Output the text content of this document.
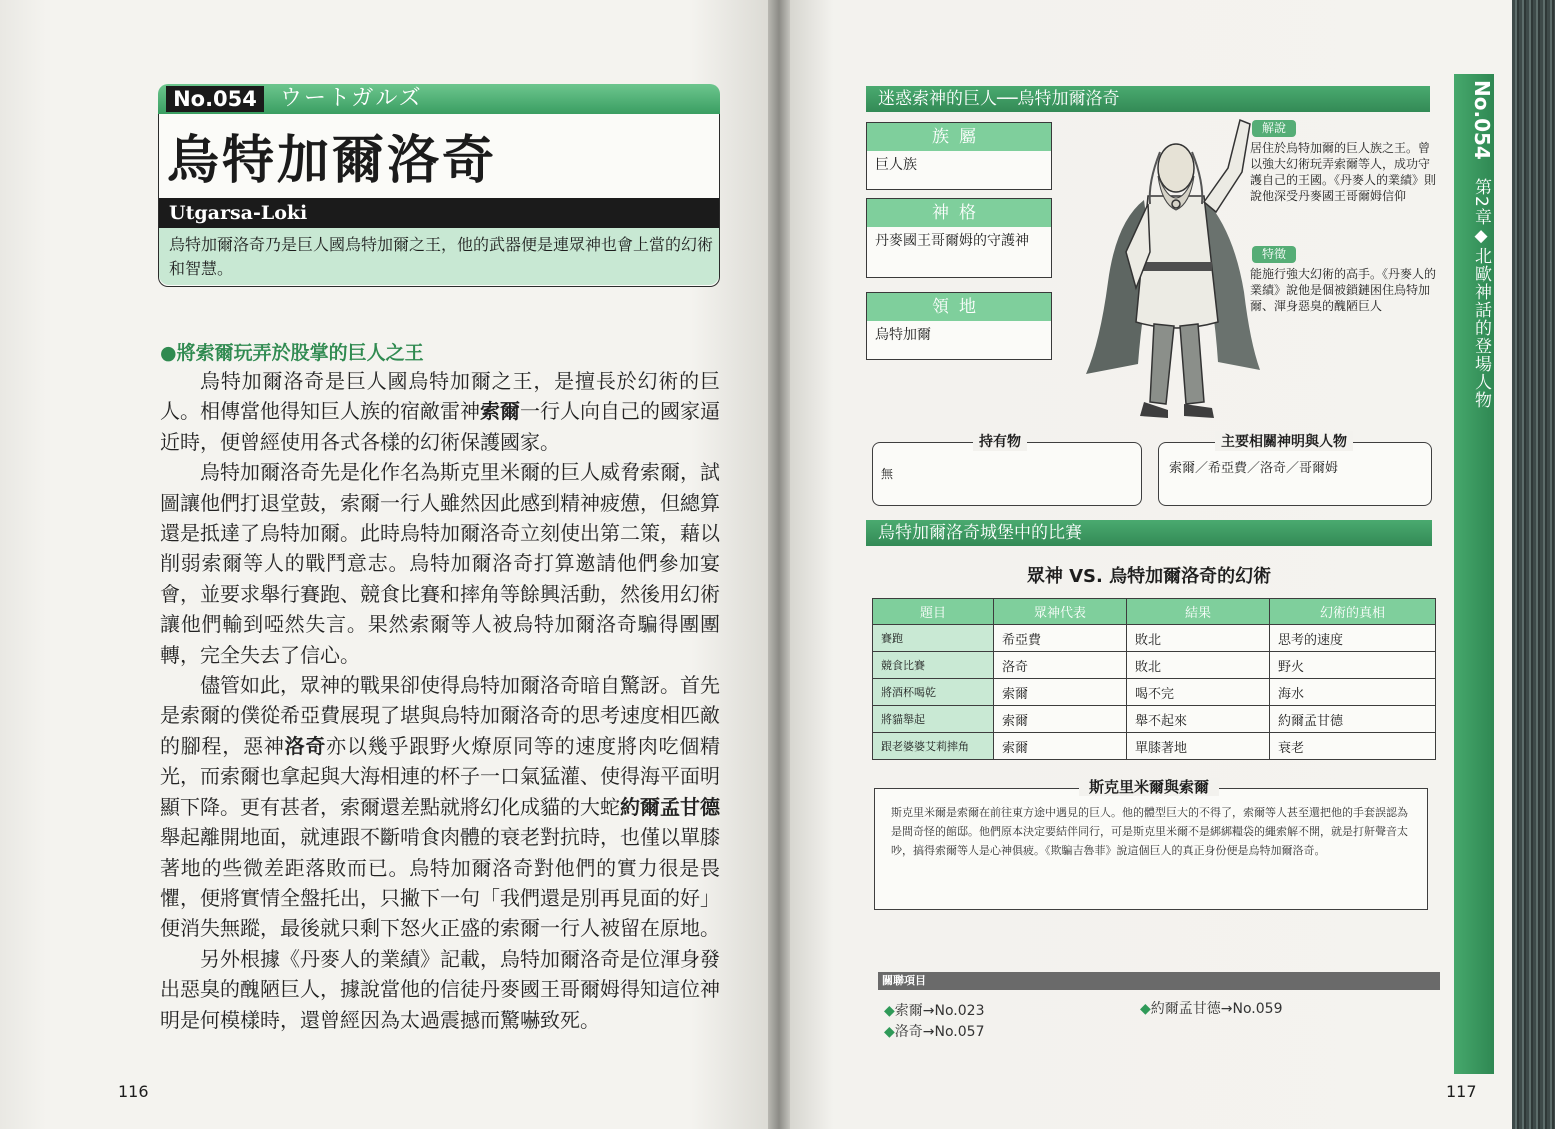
No.054	ウートガルズ
烏特加爾洛奇
Utgarsa-Loki
烏特加爾洛奇乃是巨人國烏特加爾之王，他的武器便是連眾神也會上當的幻術和智慧。
●將索爾玩弄於股掌的巨人之王

烏特加爾洛奇是巨人國烏特加爾之王，是擅長於幻術的巨人。相傳當他得知巨人族的宿敵雷神索爾一行人向自己的國家逼近時，便曾經使用各式各樣的幻術保護國家。

烏特加爾洛奇先是化作名為斯克里米爾的巨人威脅索爾，試圖讓他們打退堂鼓，索爾一行人雖然因此感到精神疲憊，但總算還是抵達了烏特加爾。此時烏特加爾洛奇立刻使出第二策，藉以削弱索爾等人的戰鬥意志。烏特加爾洛奇打算邀請他們參加宴會，並要求舉行賽跑、競食比賽和摔角等餘興活動，然後用幻術讓他們輸到啞然失言。果然索爾等人被烏特加爾洛奇騙得團團轉，完全失去了信心。

儘管如此，眾神的戰果卻使得烏特加爾洛奇暗自驚訝。首先是索爾的僕從希亞費展現了堪與烏特加爾洛奇的思考速度相匹敵的腳程，惡神洛奇亦以幾乎跟野火燎原同等的速度將肉吃個精光，而索爾也拿起與大海相連的杯子一口氣猛灌、使得海平面明顯下降。更有甚者，索爾還差點就將幻化成貓的大蛇約爾孟甘德舉起離開地面，就連跟不斷啃食肉體的衰老對抗時，也僅以單膝著地的些微差距落敗而已。烏特加爾洛奇對他們的實力很是畏懼，便將實情全盤托出，只撇下一句「我們還是別再見面的好」便消失無蹤，最後就只剩下怒火正盛的索爾一行人被留在原地。

另外根據《丹麥人的業績》記載，烏特加爾洛奇是位渾身發出惡臭的醜陋巨人，據說當他的信徒丹麥國王哥爾姆得知這位神明是何模樣時，還曾經因為太過震撼而驚嚇致死。

116
迷惑索神的巨人──烏特加爾洛奇
族屬
巨人族
神格
丹麥國王哥爾姆的守護神
領地
烏特加爾
解說
居住於烏特加爾的巨人族之王。曾以強大幻術玩弄索爾等人，成功守護自己的王國。《丹麥人的業績》則說他深受丹麥國王哥爾姆信仰
特徵
能施行強大幻術的高手。《丹麥人的業績》說他是個被鎖鏈困住烏特加爾、渾身惡臭的醜陋巨人
No.054
第2章◆北歐神話的登場人物
持有物
無
主要相關神明與人物
索爾／希亞費／洛奇／哥爾姆
烏特加爾洛奇城堡中的比賽
眾神 VS. 烏特加爾洛奇的幻術
題目	眾神代表	結果	幻術的真相
賽跑	希亞費	敗北	思考的速度
競食比賽	洛奇	敗北	野火
將酒杯喝乾	索爾	喝不完	海水
將貓舉起	索爾	舉不起來	約爾孟甘德
跟老婆婆艾莉摔角	索爾	單膝著地	衰老
斯克里米爾是索爾在前往東方途中遇見的巨人。他的體型巨大的不得了，索爾等人甚至還把他的手套誤認為是間奇怪的館邸。他們原本決定要結伴同行，可是斯克里米爾不是綁綁糧袋的繩索解不開，就是打鼾聲音太吵，搞得索爾等人是心神俱疲。《欺騙吉魯菲》說這個巨人的真正身份便是烏特加爾洛奇。
斯克里米爾與索爾
關聯項目
◆索爾→No.023
◆洛奇→No.057
◆約爾孟甘德→No.059
117
